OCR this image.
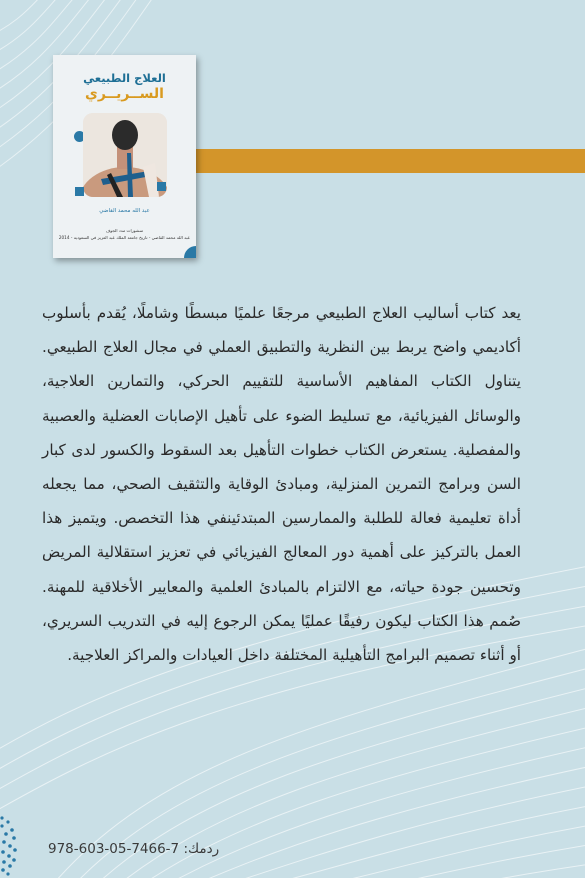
العلاج الطبيعي
الســريــري
عبد الله محمد القاضي
منشورات مدد الجوف
عبد الله محمد القاضي - تاريخ جامعة الملك عبد العزيز في السعودية - 2014

يعد كتاب أساليب العلاج الطبيعي مرجعًا علميًا مبسطًا وشاملًا، يُقدم بأسلوب أكاديمي واضح يربط بين النظرية والتطبيق العملي في مجال العلاج الطبيعي. يتناول الكتاب المفاهيم الأساسية للتقييم الحركي، والتمارين العلاجية، والوسائل الفيزيائية، مع تسليط الضوء على تأهيل الإصابات العضلية والعصبية والمفصلية. يستعرض الكتاب خطوات التأهيل بعد السقوط والكسور لدى كبار السن وبرامج التمرين المنزلية، ومبادئ الوقاية والتثقيف الصحي، مما يجعله أداة تعليمية فعالة للطلبة والممارسين المبتدئينفي هذا التخصص. ويتميز هذا العمل بالتركيز على أهمية دور المعالج الفيزيائي في تعزيز استقلالية المريض وتحسين جودة حياته، مع الالتزام بالمبادئ العلمية والمعايير الأخلاقية للمهنة. صُمم هذا الكتاب ليكون رفيقًا عمليًا يمكن الرجوع إليه في التدريب السريري، أو أثناء تصميم البرامج التأهيلية المختلفة داخل العيادات والمراكز العلاجية.

ردمك: 978-603-05-7466-7
